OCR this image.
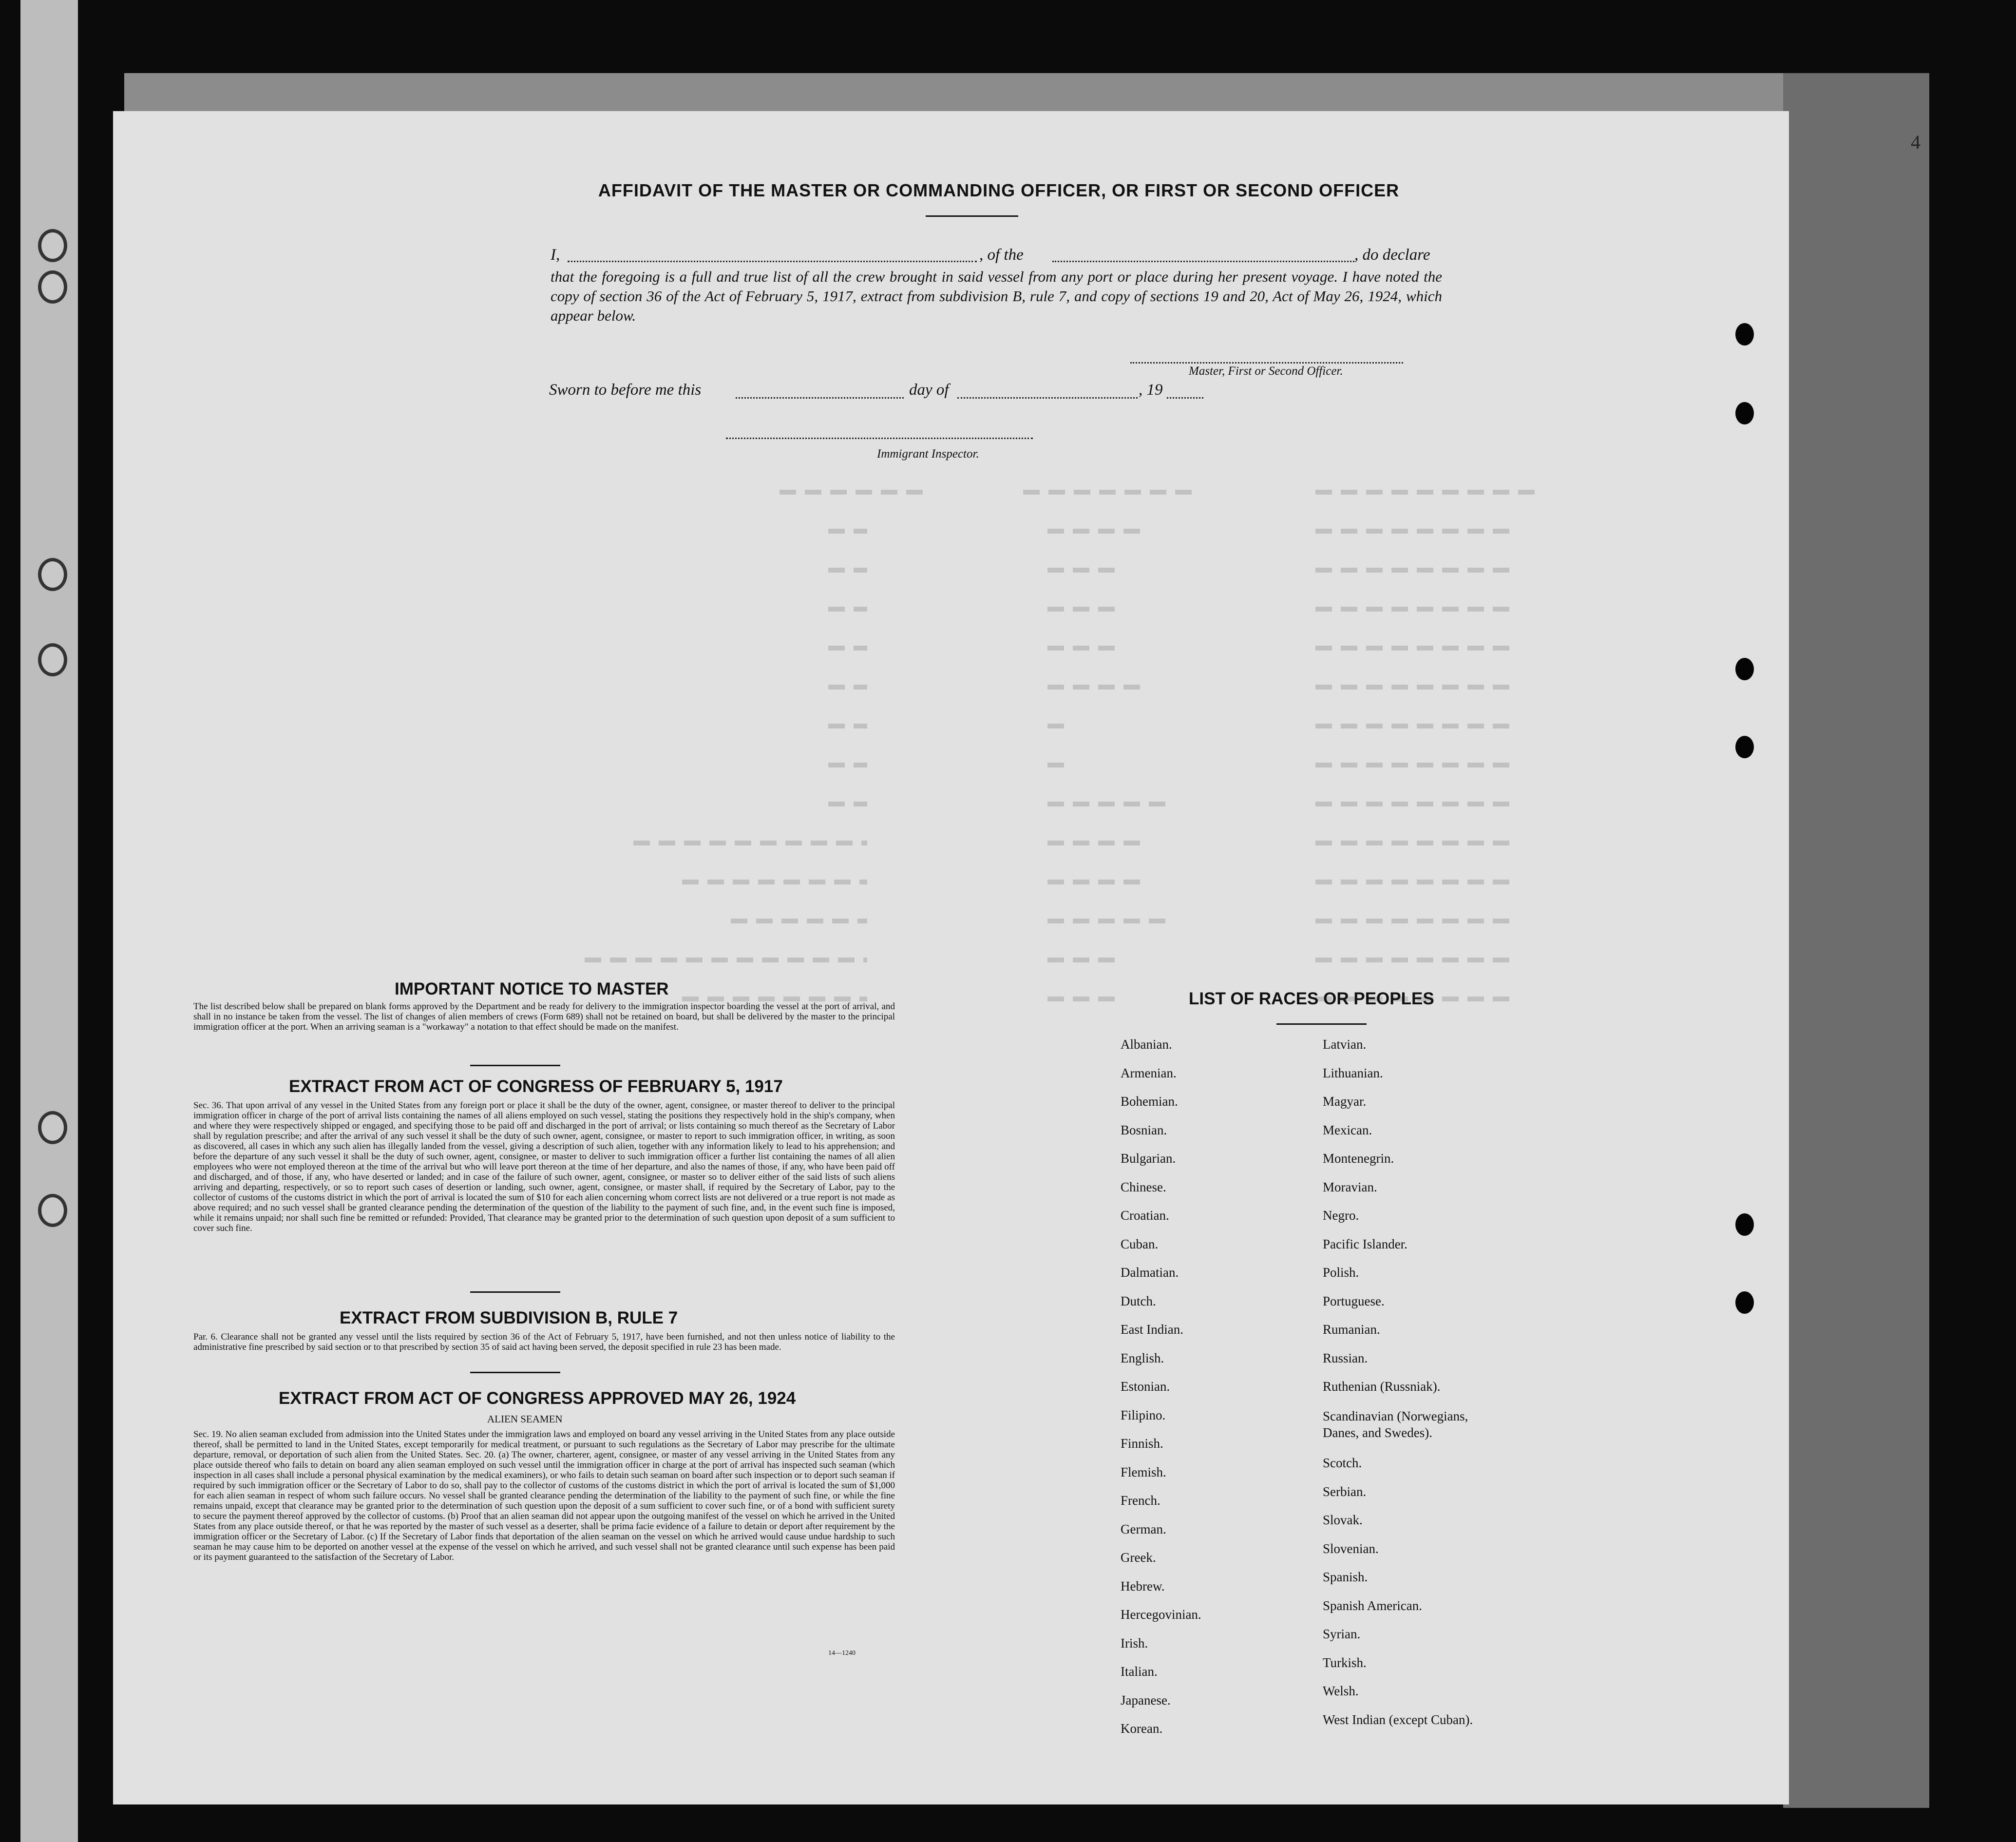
4
AFFIDAVIT OF THE MASTER OR COMMANDING OFFICER, OR FIRST OR SECOND OFFICER
I,	, of the	, do declare
that the foregoing is a full and true list of all the crew brought in said vessel from any port or place during her present voyage. I have noted the copy of section 36 of the Act of February 5, 1917, extract from subdivision B, rule 7, and copy of sections 19 and 20, Act of May 26, 1924, which appear below.
Master, First or Second Officer.
Sworn to before me this	day of	, 19
Immigrant Inspector.
IMPORTANT NOTICE TO MASTER
The list described below shall be prepared on blank forms approved by the Department and be ready for delivery to the immigration inspector boarding the vessel at the port of arrival, and shall in no instance be taken from the vessel. The list of changes of alien members of crews (Form 689) shall not be retained on board, but shall be delivered by the master to the principal immigration officer at the port. When an arriving seaman is a "workaway" a notation to that effect should be made on the manifest.
EXTRACT FROM ACT OF CONGRESS OF FEBRUARY 5, 1917
Sec. 36. That upon arrival of any vessel in the United States from any foreign port or place it shall be the duty of the owner, agent, consignee, or master thereof to deliver to the principal immigration officer in charge of the port of arrival lists containing the names of all aliens employed on such vessel, stating the positions they respectively hold in the ship's company, when and where they were respectively shipped or engaged, and specifying those to be paid off and discharged in the port of arrival; or lists containing so much thereof as the Secretary of Labor shall by regulation prescribe; and after the arrival of any such vessel it shall be the duty of such owner, agent, consignee, or master to report to such immigration officer, in writing, as soon as discovered, all cases in which any such alien has illegally landed from the vessel, giving a description of such alien, together with any information likely to lead to his apprehension; and before the departure of any such vessel it shall be the duty of such owner, agent, consignee, or master to deliver to such immigration officer a further list containing the names of all alien employees who were not employed thereon at the time of the arrival but who will leave port thereon at the time of her departure, and also the names of those, if any, who have been paid off and discharged, and of those, if any, who have deserted or landed; and in case of the failure of such owner, agent, consignee, or master so to deliver either of the said lists of such aliens arriving and departing, respectively, or so to report such cases of desertion or landing, such owner, agent, consignee, or master shall, if required by the Secretary of Labor, pay to the collector of customs of the customs district in which the port of arrival is located the sum of $10 for each alien concerning whom correct lists are not delivered or a true report is not made as above required; and no such vessel shall be granted clearance pending the determination of the question of the liability to the payment of such fine, and, in the event such fine is imposed, while it remains unpaid; nor shall such fine be remitted or refunded: Provided, That clearance may be granted prior to the determination of such question upon deposit of a sum sufficient to cover such fine.
EXTRACT FROM SUBDIVISION B, RULE 7
Par. 6. Clearance shall not be granted any vessel until the lists required by section 36 of the Act of February 5, 1917, have been furnished, and not then unless notice of liability to the administrative fine prescribed by said section or to that prescribed by section 35 of said act having been served, the deposit specified in rule 23 has been made.
EXTRACT FROM ACT OF CONGRESS APPROVED MAY 26, 1924
ALIEN SEAMEN
Sec. 19. No alien seaman excluded from admission into the United States under the immigration laws and employed on board any vessel arriving in the United States from any place outside thereof, shall be permitted to land in the United States, except temporarily for medical treatment, or pursuant to such regulations as the Secretary of Labor may prescribe for the ultimate departure, removal, or deportation of such alien from the United States. Sec. 20. (a) The owner, charterer, agent, consignee, or master of any vessel arriving in the United States from any place outside thereof who fails to detain on board any alien seaman employed on such vessel until the immigration officer in charge at the port of arrival has inspected such seaman (which inspection in all cases shall include a personal physical examination by the medical examiners), or who fails to detain such seaman on board after such inspection or to deport such seaman if required by such immigration officer or the Secretary of Labor to do so, shall pay to the collector of customs of the customs district in which the port of arrival is located the sum of $1,000 for each alien seaman in respect of whom such failure occurs. No vessel shall be granted clearance pending the determination of the liability to the payment of such fine, or while the fine remains unpaid, except that clearance may be granted prior to the determination of such question upon the deposit of a sum sufficient to cover such fine, or of a bond with sufficient surety to secure the payment thereof approved by the collector of customs. (b) Proof that an alien seaman did not appear upon the outgoing manifest of the vessel on which he arrived in the United States from any place outside thereof, or that he was reported by the master of such vessel as a deserter, shall be prima facie evidence of a failure to detain or deport after requirement by the immigration officer or the Secretary of Labor. (c) If the Secretary of Labor finds that deportation of the alien seaman on the vessel on which he arrived would cause undue hardship to such seaman he may cause him to be deported on another vessel at the expense of the vessel on which he arrived, and such vessel shall not be granted clearance until such expense has been paid or its payment guaranteed to the satisfaction of the Secretary of Labor.
14—1240
LIST OF RACES OR PEOPLES
Albanian.
Armenian.
Bohemian.
Bosnian.
Bulgarian.
Chinese.
Croatian.
Cuban.
Dalmatian.
Dutch.
East Indian.
English.
Estonian.
Filipino.
Finnish.
Flemish.
French.
German.
Greek.
Hebrew.
Hercegovinian.
Irish.
Italian.
Japanese.
Korean.
Latvian.
Lithuanian.
Magyar.
Mexican.
Montenegrin.
Moravian.
Negro.
Pacific Islander.
Polish.
Portuguese.
Rumanian.
Russian.
Ruthenian (Russniak).
Scandinavian (Norwegians, Danes, and Swedes).
Scotch.
Serbian.
Slovak.
Slovenian.
Spanish.
Spanish American.
Syrian.
Turkish.
Welsh.
West Indian (except Cuban).
